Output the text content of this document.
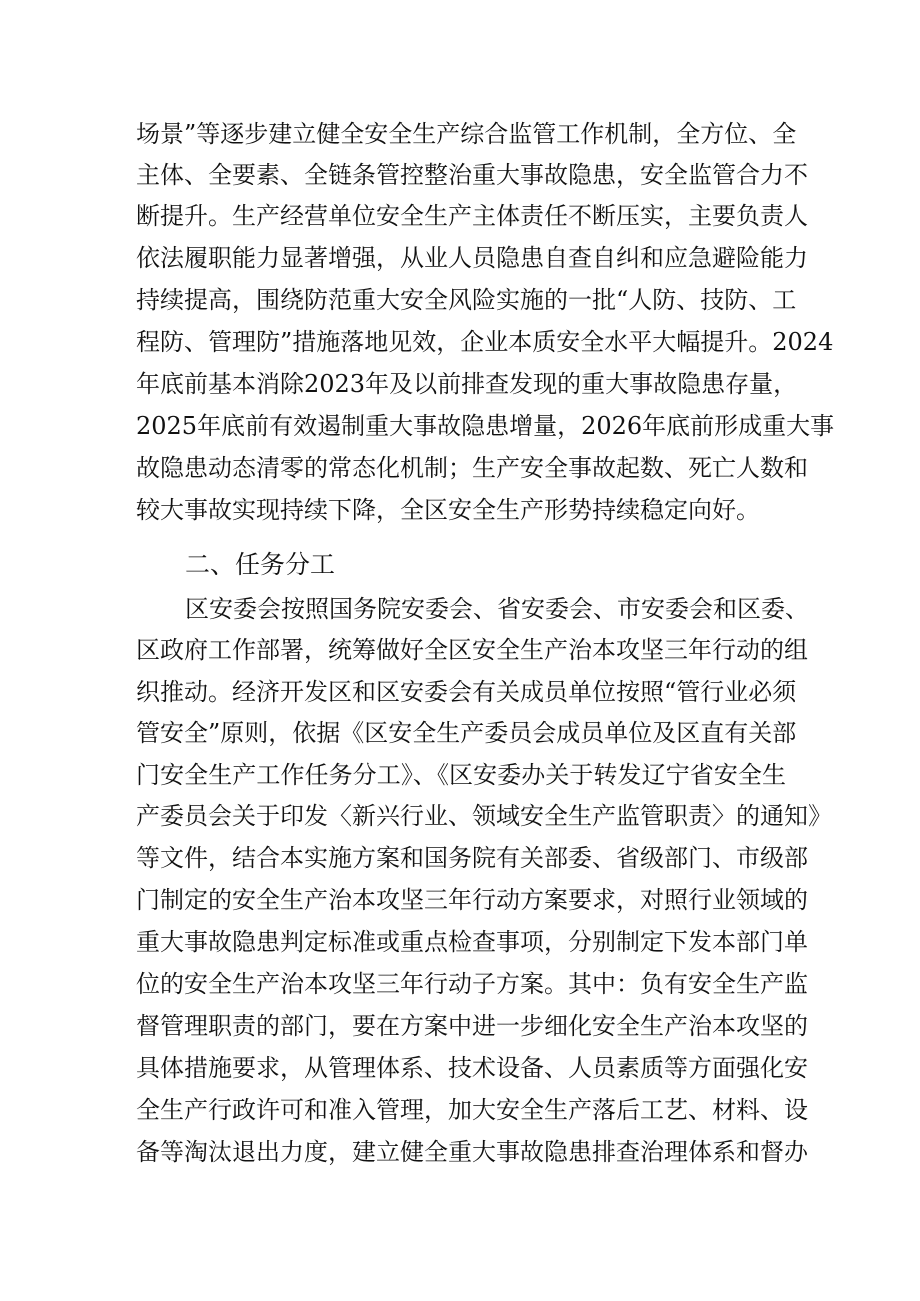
场景”等逐步建立健全安全生产综合监管工作机制，全方位、全
主体、全要素、全链条管控整治重大事故隐患，安全监管合力不
断提升。生产经营单位安全生产主体责任不断压实，主要负责人
依法履职能力显著增强，从业人员隐患自查自纠和应急避险能力
持续提高，围绕防范重大安全风险实施的一批“人防、技防、工
程防、管理防”措施落地见效，企业本质安全水平大幅提升。2024
年底前基本消除2023年及以前排查发现的重大事故隐患存量，
2025年底前有效遏制重大事故隐患增量，2026年底前形成重大事
故隐患动态清零的常态化机制；生产安全事故起数、死亡人数和
较大事故实现持续下降，全区安全生产形势持续稳定向好。
二、任务分工
区安委会按照国务院安委会、省安委会、市安委会和区委、
区政府工作部署，统筹做好全区安全生产治本攻坚三年行动的组
织推动。经济开发区和区安委会有关成员单位按照“管行业必须
管安全”原则，依据《区安全生产委员会成员单位及区直有关部
门安全生产工作任务分工》、《区安委办关于转发辽宁省安全生
产委员会关于印发〈新兴行业、领域安全生产监管职责〉的通知》
等文件，结合本实施方案和国务院有关部委、省级部门、市级部
门制定的安全生产治本攻坚三年行动方案要求，对照行业领域的
重大事故隐患判定标准或重点检查事项，分别制定下发本部门单
位的安全生产治本攻坚三年行动子方案。其中：负有安全生产监
督管理职责的部门，要在方案中进一步细化安全生产治本攻坚的
具体措施要求，从管理体系、技术设备、人员素质等方面强化安
全生产行政许可和准入管理，加大安全生产落后工艺、材料、设
备等淘汰退出力度，建立健全重大事故隐患排查治理体系和督办
